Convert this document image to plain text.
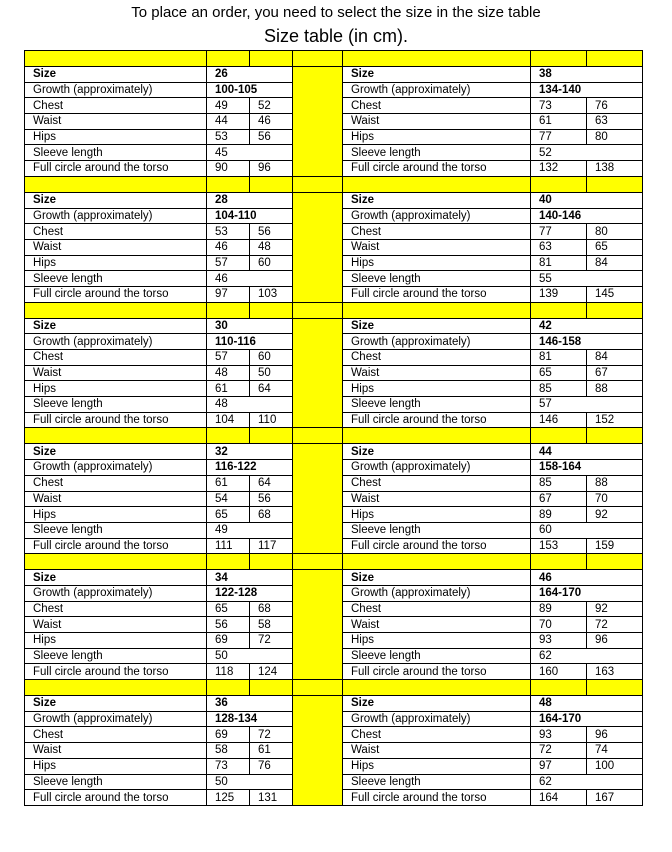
To place an order, you need to select the size in the size table
Size table (in cm).

Size	26			Size	38	
Growth (approximately)	100-105			Growth (approximately)	134-140	
Chest	49	52		Chest	73	76
Waist	44	46		Waist	61	63
Hips	53	56		Hips	77	80
Sleeve length	45			Sleeve length	52	
Full circle around the torso	90	96		Full circle around the torso	132	138

Size	28			Size	40	
Growth (approximately)	104-110			Growth (approximately)	140-146	
Chest	53	56		Chest	77	80
Waist	46	48		Waist	63	65
Hips	57	60		Hips	81	84
Sleeve length	46			Sleeve length	55	
Full circle around the torso	97	103		Full circle around the torso	139	145

Size	30			Size	42	
Growth (approximately)	110-116			Growth (approximately)	146-158	
Chest	57	60		Chest	81	84
Waist	48	50		Waist	65	67
Hips	61	64		Hips	85	88
Sleeve length	48			Sleeve length	57	
Full circle around the torso	104	110		Full circle around the torso	146	152

Size	32			Size	44	
Growth (approximately)	116-122			Growth (approximately)	158-164	
Chest	61	64		Chest	85	88
Waist	54	56		Waist	67	70
Hips	65	68		Hips	89	92
Sleeve length	49			Sleeve length	60	
Full circle around the torso	111	117		Full circle around the torso	153	159

Size	34			Size	46	
Growth (approximately)	122-128			Growth (approximately)	164-170	
Chest	65	68		Chest	89	92
Waist	56	58		Waist	70	72
Hips	69	72		Hips	93	96
Sleeve length	50			Sleeve length	62	
Full circle around the torso	118	124		Full circle around the torso	160	163

Size	36			Size	48	
Growth (approximately)	128-134			Growth (approximately)	164-170	
Chest	69	72		Chest	93	96
Waist	58	61		Waist	72	74
Hips	73	76		Hips	97	100
Sleeve length	50			Sleeve length	62	
Full circle around the torso	125	131		Full circle around the torso	164	167
